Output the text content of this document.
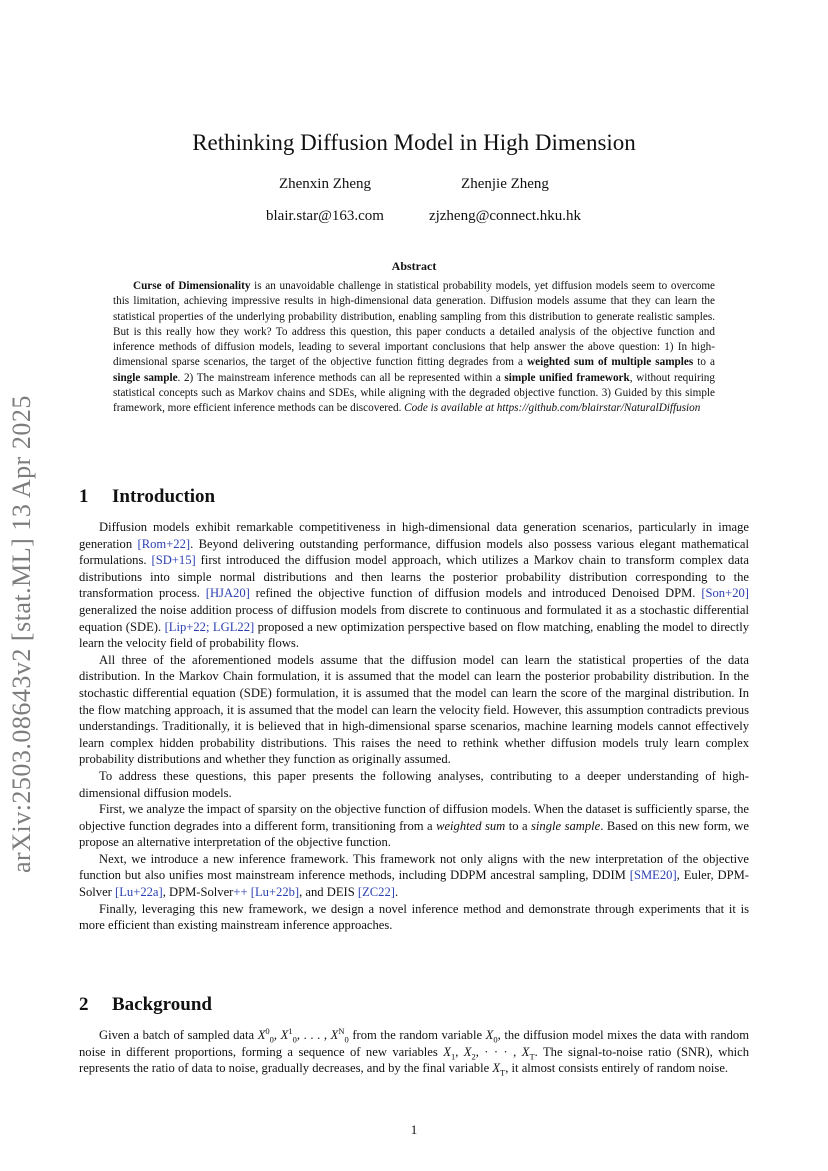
arXiv:2503.08643v2 [stat.ML] 13 Apr 2025
Rethinking Diffusion Model in High Dimension
Zhenxin Zheng	Zhenjie Zheng
blair.star@163.com	zjzheng@connect.hku.hk
Abstract

Curse of Dimensionality is an unavoidable challenge in statistical probability models, yet diffusion models seem to overcome this limitation, achieving impressive results in high-dimensional data generation. Diffusion models assume that they can learn the statistical properties of the underlying probability distribution, enabling sampling from this distribution to generate realistic samples. But is this really how they work? To address this question, this paper conducts a detailed analysis of the objective function and inference methods of diffusion models, leading to several important conclusions that help answer the above question: 1) In high-dimensional sparse scenarios, the target of the objective function fitting degrades from a weighted sum of multiple samples to a single sample. 2) The mainstream inference methods can all be represented within a simple unified framework, without requiring statistical concepts such as Markov chains and SDEs, while aligning with the degraded objective function. 3) Guided by this simple framework, more efficient inference methods can be discovered. Code is available at https://github.com/blairstar/NaturalDiffusion

1 Introduction

Diffusion models exhibit remarkable competitiveness in high-dimensional data generation scenarios, particularly in image generation [Rom+22]. Beyond delivering outstanding performance, diffusion models also possess various elegant mathematical formulations. [SD+15] first introduced the diffusion model approach, which utilizes a Markov chain to transform complex data distributions into simple normal distributions and then learns the posterior probability distribution corresponding to the transformation process. [HJA20] refined the objective function of diffusion models and introduced Denoised DPM. [Son+20] generalized the noise addition process of diffusion models from discrete to continuous and formulated it as a stochastic differential equation (SDE). [Lip+22; LGL22] proposed a new optimization perspective based on flow matching, enabling the model to directly learn the velocity field of probability flows.

All three of the aforementioned models assume that the diffusion model can learn the statistical properties of the data distribution. In the Markov Chain formulation, it is assumed that the model can learn the posterior probability distribution. In the stochastic differential equation (SDE) formulation, it is assumed that the model can learn the score of the marginal distribution. In the flow matching approach, it is assumed that the model can learn the velocity field. However, this assumption contradicts previous understandings. Traditionally, it is believed that in high-dimensional sparse scenarios, machine learning models cannot effectively learn complex hidden probability distributions. This raises the need to rethink whether diffusion models truly learn complex probability distributions and whether they function as originally assumed.

To address these questions, this paper presents the following analyses, contributing to a deeper understanding of high-dimensional diffusion models.

First, we analyze the impact of sparsity on the objective function of diffusion models. When the dataset is sufficiently sparse, the objective function degrades into a different form, transitioning from a weighted sum to a single sample. Based on this new form, we propose an alternative interpretation of the objective function.

Next, we introduce a new inference framework. This framework not only aligns with the new interpretation of the objective function but also unifies most mainstream inference methods, including DDPM ancestral sampling, DDIM [SME20], Euler, DPM-Solver [Lu+22a], DPM-Solver++ [Lu+22b], and DEIS [ZC22].

Finally, leveraging this new framework, we design a novel inference method and demonstrate through experiments that it is more efficient than existing mainstream inference approaches.

2 Background

Given a batch of sampled data $X^0_0$, $X^1_0$, . . . , $X^N_0$ from the random variable $X_0$, the diffusion model mixes the data with random noise in different proportions, forming a sequence of new variables $X_1$, $X_2$, · · · , $X_T$. The signal-to-noise ratio (SNR), which represents the ratio of data to noise, gradually decreases, and by the final variable $X_T$, it almost consists entirely of random noise.

1
